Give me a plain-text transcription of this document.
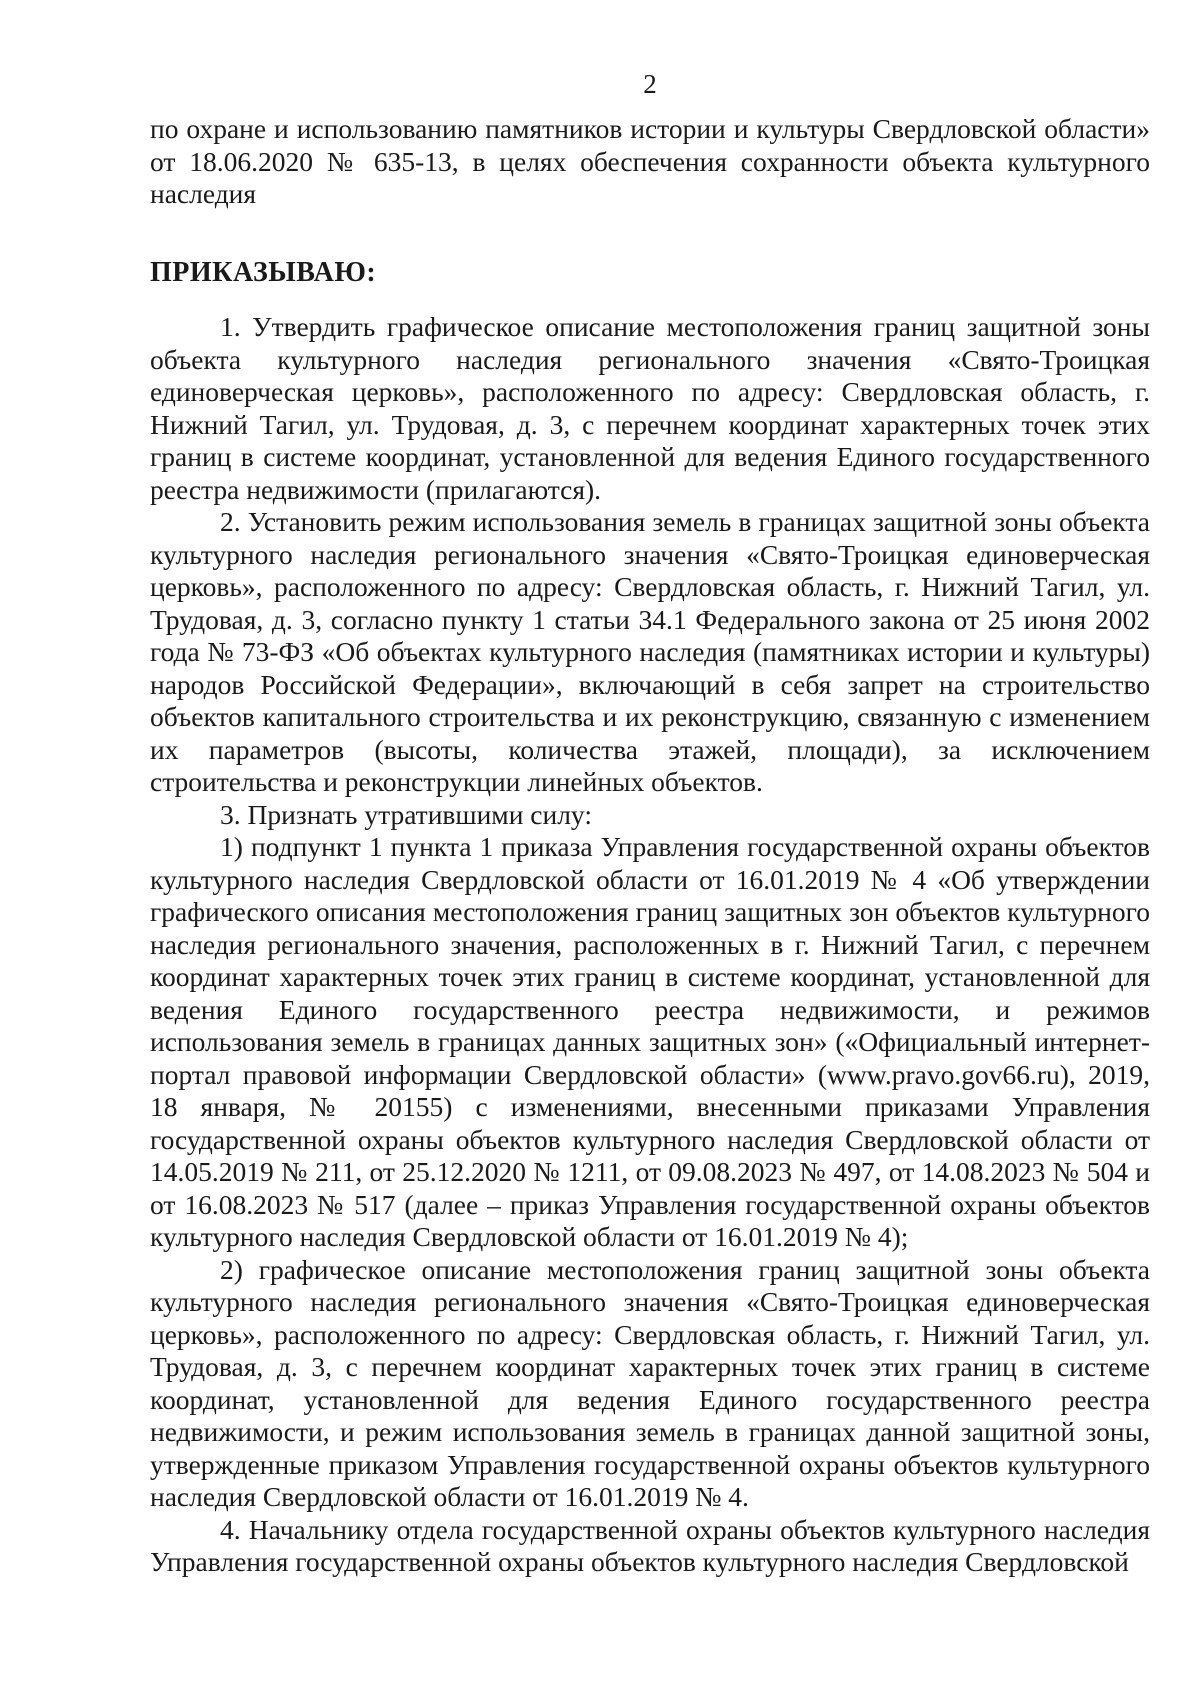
2

по охране и использованию памятников истории и культуры Свердловской области» от 18.06.2020 № 635-13, в целях обеспечения сохранности объекта культурного наследия

ПРИКАЗЫВАЮ:

1. Утвердить графическое описание местоположения границ защитной зоны объекта культурного наследия регионального значения «Свято-Троицкая единоверческая церковь», расположенного по адресу: Свердловская область, г. Нижний Тагил, ул. Трудовая, д. 3, с перечнем координат характерных точек этих границ в системе координат, установленной для ведения Единого государственного реестра недвижимости (прилагаются).

2. Установить режим использования земель в границах защитной зоны объекта культурного наследия регионального значения «Свято-Троицкая единоверческая церковь», расположенного по адресу: Свердловская область, г. Нижний Тагил, ул. Трудовая, д. 3, согласно пункту 1 статьи 34.1 Федерального закона от 25 июня 2002 года № 73-ФЗ «Об объектах культурного наследия (памятниках истории и культуры) народов Российской Федерации», включающий в себя запрет на строительство объектов капитального строительства и их реконструкцию, связанную с изменением их параметров (высоты, количества этажей, площади), за исключением строительства и реконструкции линейных объектов.

3. Признать утратившими силу:

1) подпункт 1 пункта 1 приказа Управления государственной охраны объектов культурного наследия Свердловской области от 16.01.2019 № 4 «Об утверждении графического описания местоположения границ защитных зон объектов культурного наследия регионального значения, расположенных в г. Нижний Тагил, с перечнем координат характерных точек этих границ в системе координат, установленной для ведения Единого государственного реестра недвижимости, и режимов использования земель в границах данных защитных зон» («Официальный интернет-портал правовой информации Свердловской области» (www.pravo.gov66.ru), 2019, 18 января, № 20155) с изменениями, внесенными приказами Управления государственной охраны объектов культурного наследия Свердловской области от 14.05.2019 № 211, от 25.12.2020 № 1211, от 09.08.2023 № 497, от 14.08.2023 № 504 и от 16.08.2023 № 517 (далее – приказ Управления государственной охраны объектов культурного наследия Свердловской области от 16.01.2019 № 4);

2) графическое описание местоположения границ защитной зоны объекта культурного наследия регионального значения «Свято-Троицкая единоверческая церковь», расположенного по адресу: Свердловская область, г. Нижний Тагил, ул. Трудовая, д. 3, с перечнем координат характерных точек этих границ в системе координат, установленной для ведения Единого государственного реестра недвижимости, и режим использования земель в границах данной защитной зоны, утвержденные приказом Управления государственной охраны объектов культурного наследия Свердловской области от 16.01.2019 № 4.

4. Начальнику отдела государственной охраны объектов культурного наследия Управления государственной охраны объектов культурного наследия Свердловской
